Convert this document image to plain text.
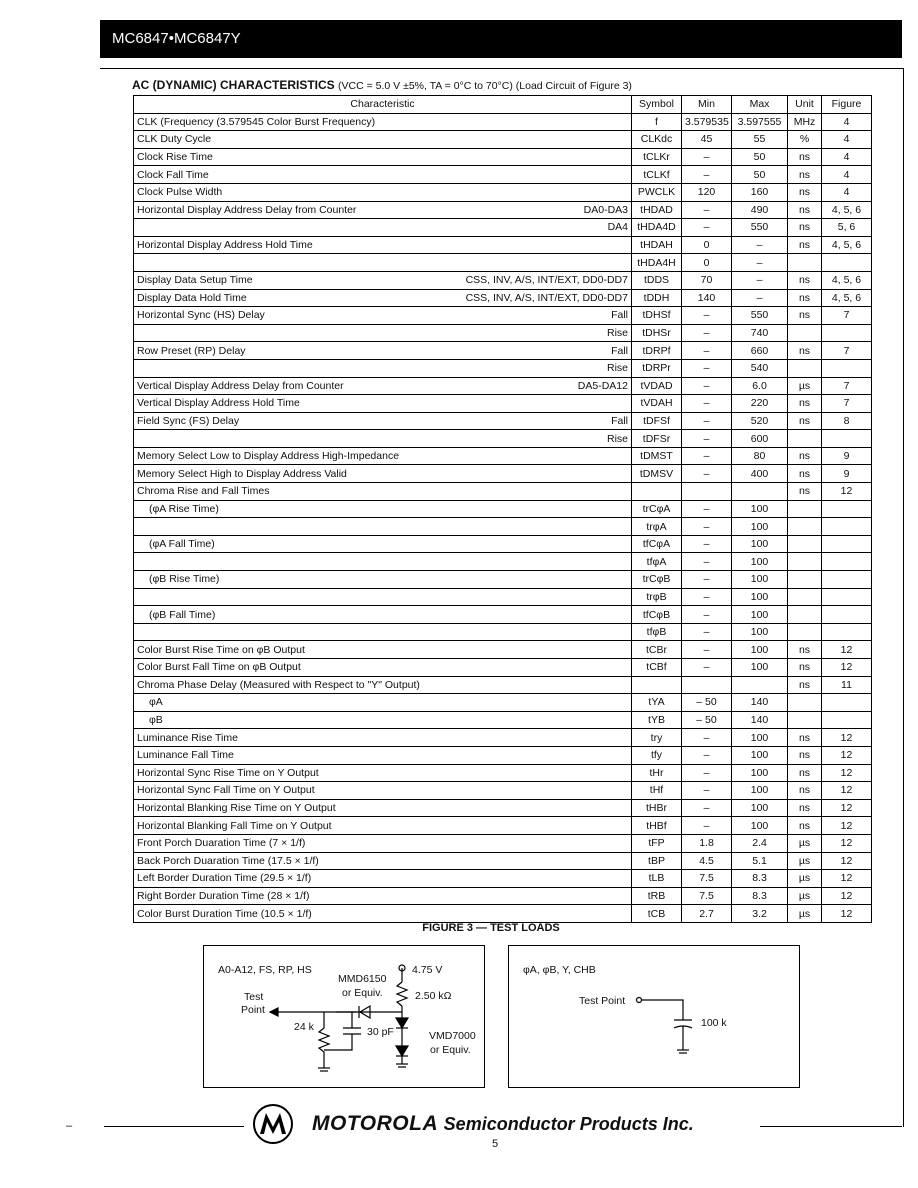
MC6847•MC6847Y
AC (DYNAMIC) CHARACTERISTICS (VCC = 5.0 V ±5%, TA = 0°C to 70°C) (Load Circuit of Figure 3)
Characteristic	Symbol	Min	Max	Unit	Figure
CLK (Frequency (3.579545 Color Burst Frequency)	f	3.579535	3.597555	MHz	4
CLK Duty Cycle	CLKdc	45	55	%	4
Clock Rise Time	tCLKr	–	50	ns	4
Clock Fall Time	tCLKf	–	50	ns	4
Clock Pulse Width	PWCLK	120	160	ns	4
Horizontal Display Address Delay from Counter DA0-DA3	tHDAD	–	490	ns	4, 5, 6

DA4	tHDA4D	–	550	ns	5, 6
Horizontal Display Address Hold Time	tHDAH	0	–	ns	4, 5, 6
	tHDA4H	0	–		
Display Data Setup Time CSS, INV, A/S, INT/EXT, DD0-DD7	tDDS	70	–	ns	4, 5, 6
Display Data Hold Time CSS, INV, A/S, INT/EXT, DD0-DD7	tDDH	140	–	ns	4, 5, 6
Horizontal Sync (HS) Delay Fall	tDHSf	–	550	ns	7

Rise	tDHSr	–	740		
Row Preset (RP) Delay Fall	tDRPf	–	660	ns	7

Rise	tDRPr	–	540		
Vertical Display Address Delay from Counter DA5-DA12	tVDAD	–	6.0	µs	7
Vertical Display Address Hold Time	tVDAH	–	220	ns	7
Field Sync (FS) Delay Fall	tDFSf	–	520	ns	8

Rise	tDFSr	–	600		
Memory Select Low to Display Address High-Impedance	tDMST	–	80	ns	9
Memory Select High to Display Address Valid	tDMSV	–	400	ns	9
Chroma Rise and Fall Times				ns	12
(φA Rise Time)	trCφA	–	100		
	trφA	–	100		
(φA Fall Time)	tfCφA	–	100		
	tfφA	–	100		
(φB Rise Time)	trCφB	–	100		
	trφB	–	100		
(φB Fall Time)	tfCφB	–	100		
	tfφB	–	100		
Color Burst Rise Time on φB Output	tCBr	–	100	ns	12
Color Burst Fall Time on φB Output	tCBf	–	100	ns	12
Chroma Phase Delay (Measured with Respect to "Y" Output)				ns	11
φA	tYA	– 50	140		
φB	tYB	– 50	140		
Luminance Rise Time	try	–	100	ns	12
Luminance Fall Time	tfy	–	100	ns	12
Horizontal Sync Rise Time on Y Output	tHr	–	100	ns	12
Horizontal Sync Fall Time on Y Output	tHf	–	100	ns	12
Horizontal Blanking Rise Time on Y Output	tHBr	–	100	ns	12
Horizontal Blanking Fall Time on Y Output	tHBf	–	100	ns	12
Front Porch Duaration Time (7 × 1/f)	tFP	1.8	2.4	µs	12
Back Porch Duaration Time (17.5 × 1/f)	tBP	4.5	5.1	µs	12
Left Border Duration Time (29.5 × 1/f)	tLB	7.5	8.3	µs	12
Right Border Duration Time (28 × 1/f)	tRB	7.5	8.3	µs	12
Color Burst Duration Time (10.5 × 1/f)	tCB	2.7	3.2	µs	12
FIGURE 3 — TEST LOADS
A0-A12, FS, RP, HS
MMD6150
or Equiv.
4.75 V
2.50 kΩ
Test
Point
24 k	30 pF	VMD7000
or Equiv.
φA, φB, Y, CHB
Test Point
100 k
–	MOTOROLA Semiconductor Products Inc.
5
